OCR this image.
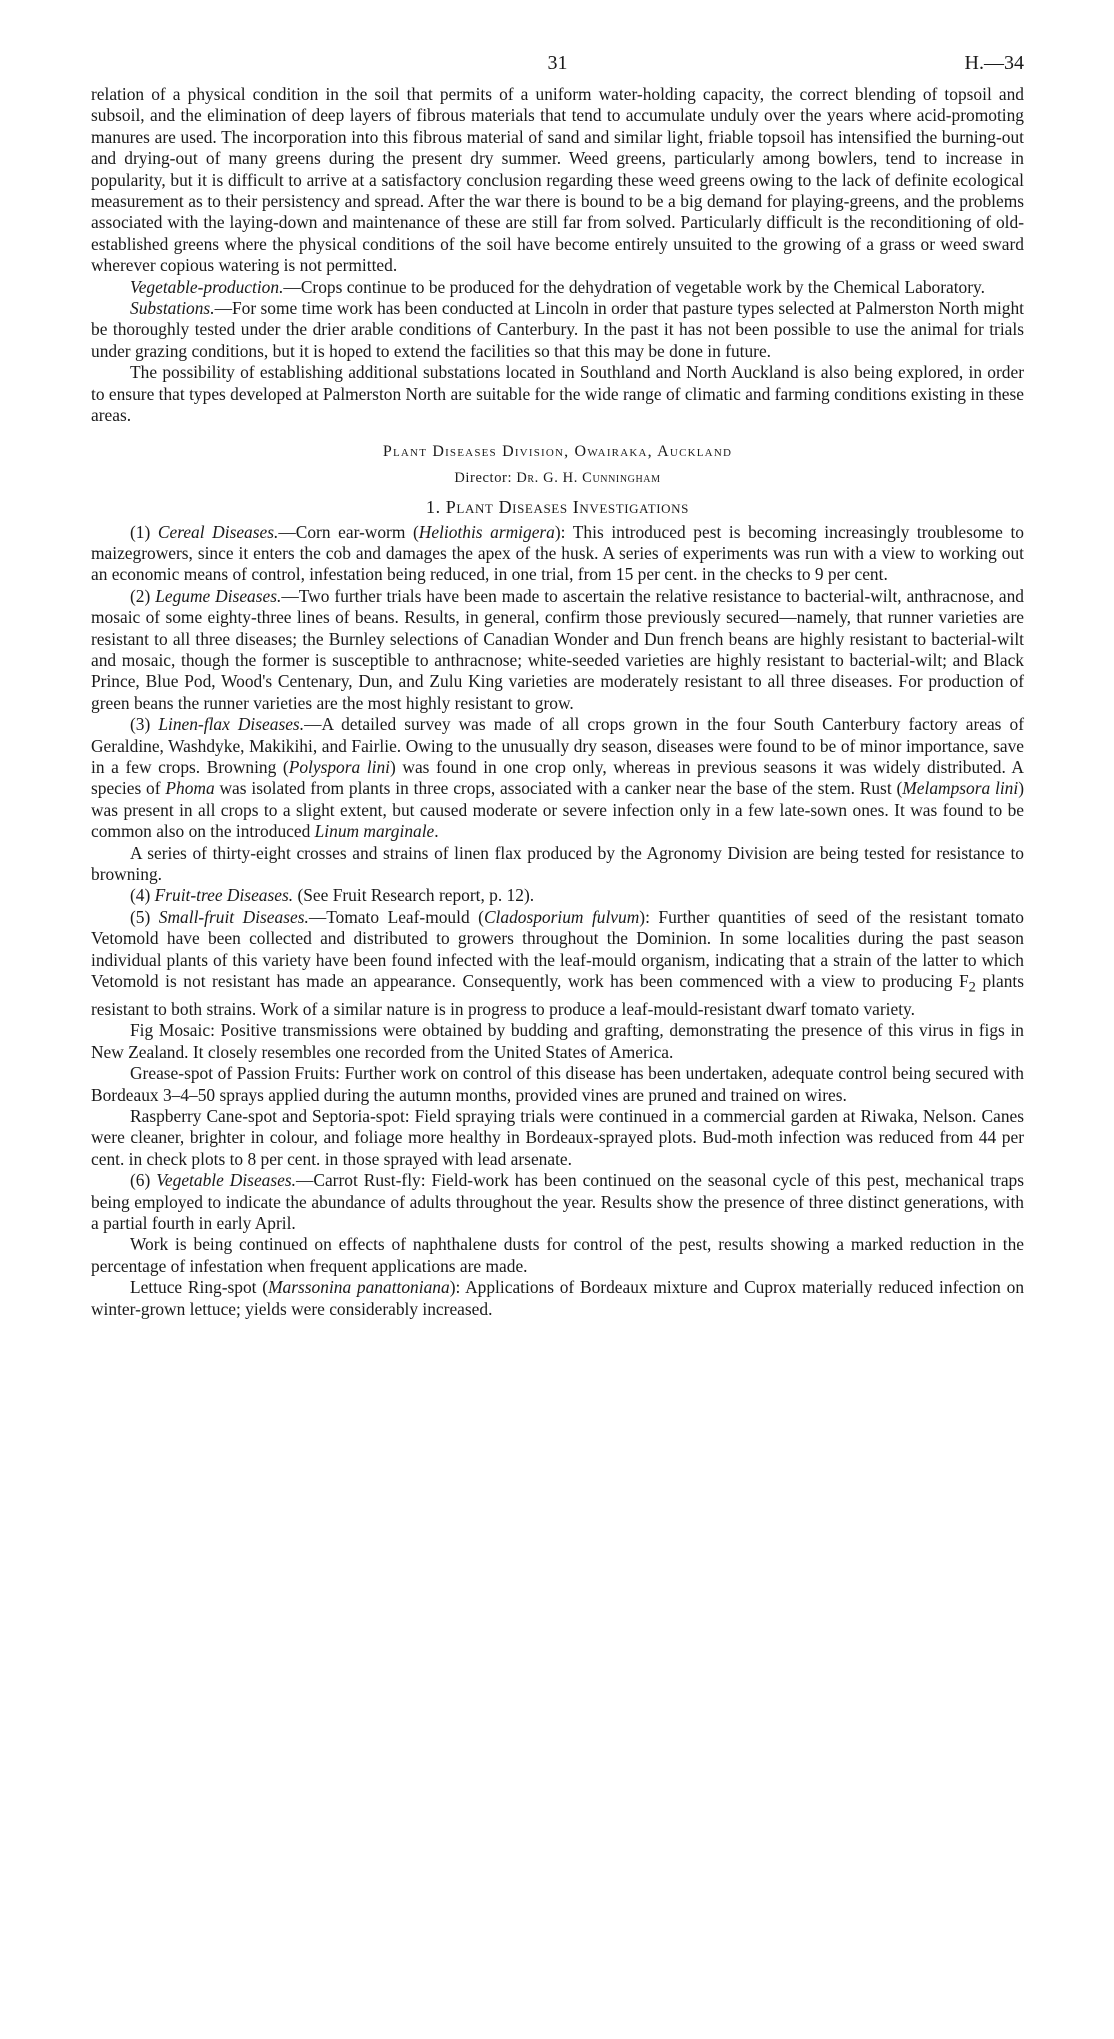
31	H.—34

relation of a physical condition in the soil that permits of a uniform water-holding capacity, the correct blending of topsoil and subsoil, and the elimination of deep layers of fibrous materials that tend to accumulate unduly over the years where acid-promoting manures are used. The incorporation into this fibrous material of sand and similar light, friable topsoil has intensified the burning-out and drying-out of many greens during the present dry summer. Weed greens, particularly among bowlers, tend to increase in popularity, but it is difficult to arrive at a satisfactory conclusion regarding these weed greens owing to the lack of definite ecological measurement as to their persistency and spread. After the war there is bound to be a big demand for playing-greens, and the problems associated with the laying-down and maintenance of these are still far from solved. Particularly difficult is the reconditioning of old-established greens where the physical conditions of the soil have become entirely unsuited to the growing of a grass or weed sward wherever copious watering is not permitted.

Vegetable-production.—Crops continue to be produced for the dehydration of vegetable work by the Chemical Laboratory.

Substations.—For some time work has been conducted at Lincoln in order that pasture types selected at Palmerston North might be thoroughly tested under the drier arable conditions of Canterbury. In the past it has not been possible to use the animal for trials under grazing conditions, but it is hoped to extend the facilities so that this may be done in future.

The possibility of establishing additional substations located in Southland and North Auckland is also being explored, in order to ensure that types developed at Palmerston North are suitable for the wide range of climatic and farming conditions existing in these areas.

Plant Diseases Division, Owairaka, Auckland
Director: Dr. G. H. Cunningham
1. Plant Diseases Investigations

(1) Cereal Diseases.—Corn ear-worm (Heliothis armigera): This introduced pest is becoming increasingly troublesome to maizegrowers, since it enters the cob and damages the apex of the husk. A series of experiments was run with a view to working out an economic means of control, infestation being reduced, in one trial, from 15 per cent. in the checks to 9 per cent.

(2) Legume Diseases.—Two further trials have been made to ascertain the relative resistance to bacterial-wilt, anthracnose, and mosaic of some eighty-three lines of beans. Results, in general, confirm those previously secured—namely, that runner varieties are resistant to all three diseases; the Burnley selections of Canadian Wonder and Dun french beans are highly resistant to bacterial-wilt and mosaic, though the former is susceptible to anthracnose; white-seeded varieties are highly resistant to bacterial-wilt; and Black Prince, Blue Pod, Wood's Centenary, Dun, and Zulu King varieties are moderately resistant to all three diseases. For production of green beans the runner varieties are the most highly resistant to grow.

(3) Linen-flax Diseases.—A detailed survey was made of all crops grown in the four South Canterbury factory areas of Geraldine, Washdyke, Makikihi, and Fairlie. Owing to the unusually dry season, diseases were found to be of minor importance, save in a few crops. Browning (Polyspora lini) was found in one crop only, whereas in previous seasons it was widely distributed. A species of Phoma was isolated from plants in three crops, associated with a canker near the base of the stem. Rust (Melampsora lini) was present in all crops to a slight extent, but caused moderate or severe infection only in a few late-sown ones. It was found to be common also on the introduced Linum marginale.

A series of thirty-eight crosses and strains of linen flax produced by the Agronomy Division are being tested for resistance to browning.

(4) Fruit-tree Diseases. (See Fruit Research report, p. 12).

(5) Small-fruit Diseases.—Tomato Leaf-mould (Cladosporium fulvum): Further quantities of seed of the resistant tomato Vetomold have been collected and distributed to growers throughout the Dominion. In some localities during the past season individual plants of this variety have been found infected with the leaf-mould organism, indicating that a strain of the latter to which Vetomold is not resistant has made an appearance. Consequently, work has been commenced with a view to producing $F_2$ plants resistant to both strains. Work of a similar nature is in progress to produce a leaf-mould-resistant dwarf tomato variety.

Fig Mosaic: Positive transmissions were obtained by budding and grafting, demonstrating the presence of this virus in figs in New Zealand. It closely resembles one recorded from the United States of America.

Grease-spot of Passion Fruits: Further work on control of this disease has been undertaken, adequate control being secured with Bordeaux 3–4–50 sprays applied during the autumn months, provided vines are pruned and trained on wires.

Raspberry Cane-spot and Septoria-spot: Field spraying trials were continued in a commercial garden at Riwaka, Nelson. Canes were cleaner, brighter in colour, and foliage more healthy in Bordeaux-sprayed plots. Bud-moth infection was reduced from 44 per cent. in check plots to 8 per cent. in those sprayed with lead arsenate.

(6) Vegetable Diseases.—Carrot Rust-fly: Field-work has been continued on the seasonal cycle of this pest, mechanical traps being employed to indicate the abundance of adults throughout the year. Results show the presence of three distinct generations, with a partial fourth in early April.

Work is being continued on effects of naphthalene dusts for control of the pest, results showing a marked reduction in the percentage of infestation when frequent applications are made.

Lettuce Ring-spot (Marssonina panattoniana): Applications of Bordeaux mixture and Cuprox materially reduced infection on winter-grown lettuce; yields were considerably increased.
